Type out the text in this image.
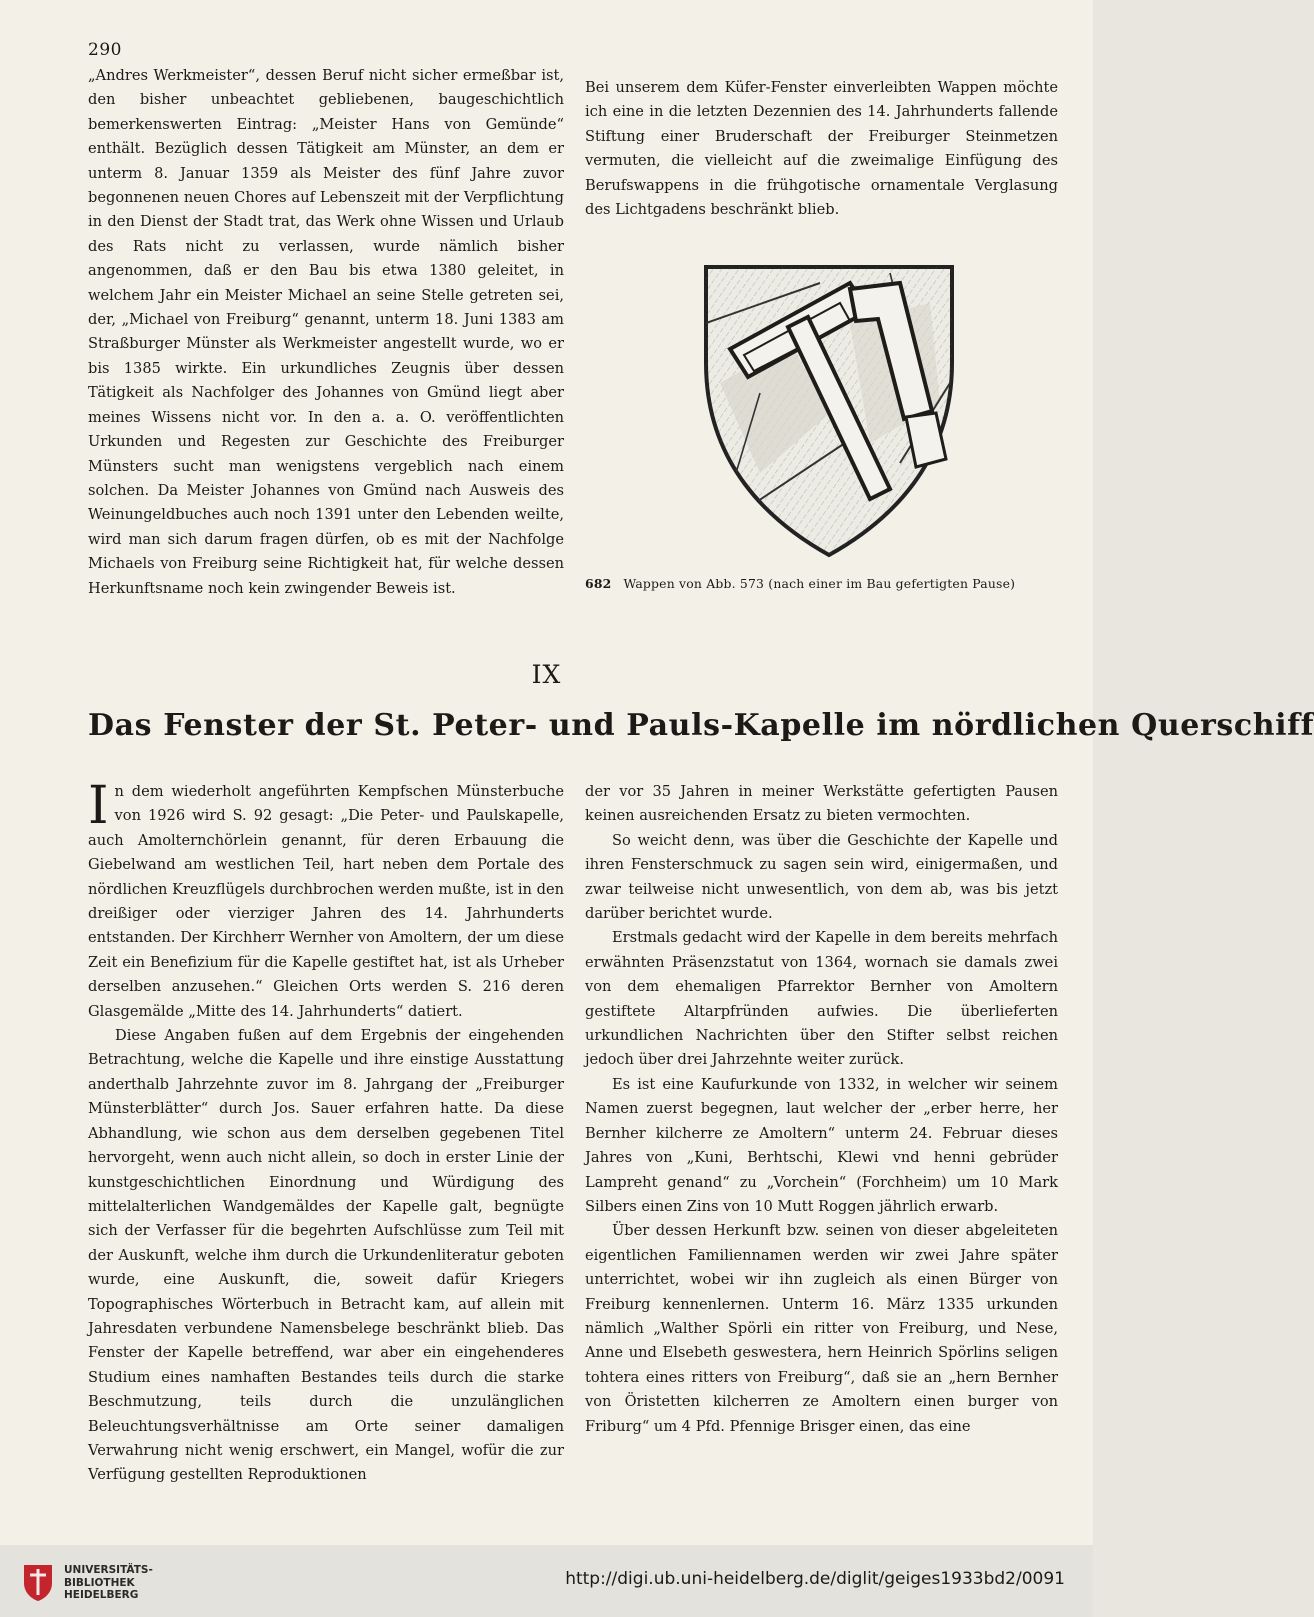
290

„Andres Werkmeister“, dessen Beruf nicht sicher ermeßbar ist, den bisher unbeachtet gebliebenen, baugeschichtlich bemerkenswerten Eintrag: „Meister Hans von Gemünde“ enthält. Bezüglich dessen Tätigkeit am Münster, an dem er unterm 8. Januar 1359 als Meister des fünf Jahre zuvor begonnenen neuen Chores auf Lebenszeit mit der Verpflichtung in den Dienst der Stadt trat, das Werk ohne Wissen und Urlaub des Rats nicht zu verlassen, wurde nämlich bisher angenommen, daß er den Bau bis etwa 1380 geleitet, in welchem Jahr ein Meister Michael an seine Stelle getreten sei, der, „Michael von Freiburg“ genannt, unterm 18. Juni 1383 am Straßburger Münster als Werkmeister angestellt wurde, wo er bis 1385 wirkte. Ein urkundliches Zeugnis über dessen Tätigkeit als Nachfolger des Johannes von Gmünd liegt aber meines Wissens nicht vor. In den a. a. O. veröffentlichten Urkunden und Regesten zur Geschichte des Freiburger Münsters sucht man wenigstens vergeblich nach einem solchen. Da Meister Johannes von Gmünd nach Ausweis des Weinungeldbuches auch noch 1391 unter den Lebenden weilte, wird man sich darum fragen dürfen, ob es mit der Nachfolge Michaels von Freiburg seine Richtigkeit hat, für welche dessen Herkunftsname noch kein zwingender Beweis ist.

Bei unserem dem Küfer-Fenster einverleibten Wappen möchte ich eine in die letzten Dezennien des 14. Jahrhunderts fallende Stiftung einer Bruderschaft der Freiburger Steinmetzen vermuten, die vielleicht auf die zweimalige Einfügung des Berufswappens in die frühgotische ornamentale Verglasung des Lichtgadens beschränkt blieb.

682 Wappen von Abb. 573 (nach einer im Bau gefertigten Pause)
IX
Das Fenster der St. Peter- und Pauls-Kapelle im nördlichen Querschiff
I n dem wiederholt angeführten Kempfschen Münsterbuche von 1926 wird S. 92 gesagt: „Die Peter- und Paulskapelle, auch Amolternchörlein genannt, für deren Erbauung die Giebelwand am westlichen Teil, hart neben dem Portale des nördlichen Kreuzflügels durchbrochen werden mußte, ist in den dreißiger oder vierziger Jahren des 14. Jahrhunderts entstanden. Der Kirchherr Wernher von Amoltern, der um diese Zeit ein Benefizium für die Kapelle gestiftet hat, ist als Urheber derselben anzusehen.“ Gleichen Orts werden S. 216 deren Glasgemälde „Mitte des 14. Jahrhunderts“ datiert.

Diese Angaben fußen auf dem Ergebnis der eingehenden Betrachtung, welche die Kapelle und ihre einstige Ausstattung anderthalb Jahrzehnte zuvor im 8. Jahrgang der „Freiburger Münsterblätter“ durch Jos. Sauer erfahren hatte. Da diese Abhandlung, wie schon aus dem derselben gegebenen Titel hervorgeht, wenn auch nicht allein, so doch in erster Linie der kunstgeschichtlichen Einordnung und Würdigung des mittelalterlichen Wandgemäldes der Kapelle galt, begnügte sich der Verfasser für die begehrten Aufschlüsse zum Teil mit der Auskunft, welche ihm durch die Urkundenliteratur geboten wurde, eine Auskunft, die, soweit dafür Kriegers Topographisches Wörterbuch in Betracht kam, auf allein mit Jahresdaten verbundene Namensbelege beschränkt blieb. Das Fenster der Kapelle betreffend, war aber ein eingehenderes Studium eines namhaften Bestandes teils durch die starke Beschmutzung, teils durch die unzulänglichen Beleuchtungsverhältnisse am Orte seiner damaligen Verwahrung nicht wenig erschwert, ein Mangel, wofür die zur Verfügung gestellten Reproduktionen

der vor 35 Jahren in meiner Werkstätte gefertigten Pausen keinen ausreichenden Ersatz zu bieten vermochten.

So weicht denn, was über die Geschichte der Kapelle und ihren Fensterschmuck zu sagen sein wird, einigermaßen, und zwar teilweise nicht unwesentlich, von dem ab, was bis jetzt darüber berichtet wurde.

Erstmals gedacht wird der Kapelle in dem bereits mehrfach erwähnten Präsenzstatut von 1364, wornach sie damals zwei von dem ehemaligen Pfarrektor Bernher von Amoltern gestiftete Altarpfründen aufwies. Die überlieferten urkundlichen Nachrichten über den Stifter selbst reichen jedoch über drei Jahrzehnte weiter zurück.

Es ist eine Kaufurkunde von 1332, in welcher wir seinem Namen zuerst begegnen, laut welcher der „erber herre, her Bernher kilcherre ze Amoltern“ unterm 24. Februar dieses Jahres von „Kuni, Berhtschi, Klewi vnd henni gebrüder Lampreht genand“ zu „Vorchein“ (Forchheim) um 10 Mark Silbers einen Zins von 10 Mutt Roggen jährlich erwarb.

Über dessen Herkunft bzw. seinen von dieser abgeleiteten eigentlichen Familiennamen werden wir zwei Jahre später unterrichtet, wobei wir ihn zugleich als einen Bürger von Freiburg kennenlernen. Unterm 16. März 1335 urkunden nämlich „Walther Spörli ein ritter von Freiburg, und Nese, Anne und Elsebeth geswestera, hern Heinrich Spörlins seligen tohtera eines ritters von Freiburg“, daß sie an „hern Bernher von Öristetten kilcherren ze Amoltern einen burger von Friburg“ um 4 Pfd. Pfennige Brisger einen, das eine

UNIVERSITÄTS-
BIBLIOTHEK
HEIDELBERG
http://digi.ub.uni-heidelberg.de/diglit/geiges1933bd2/0091
